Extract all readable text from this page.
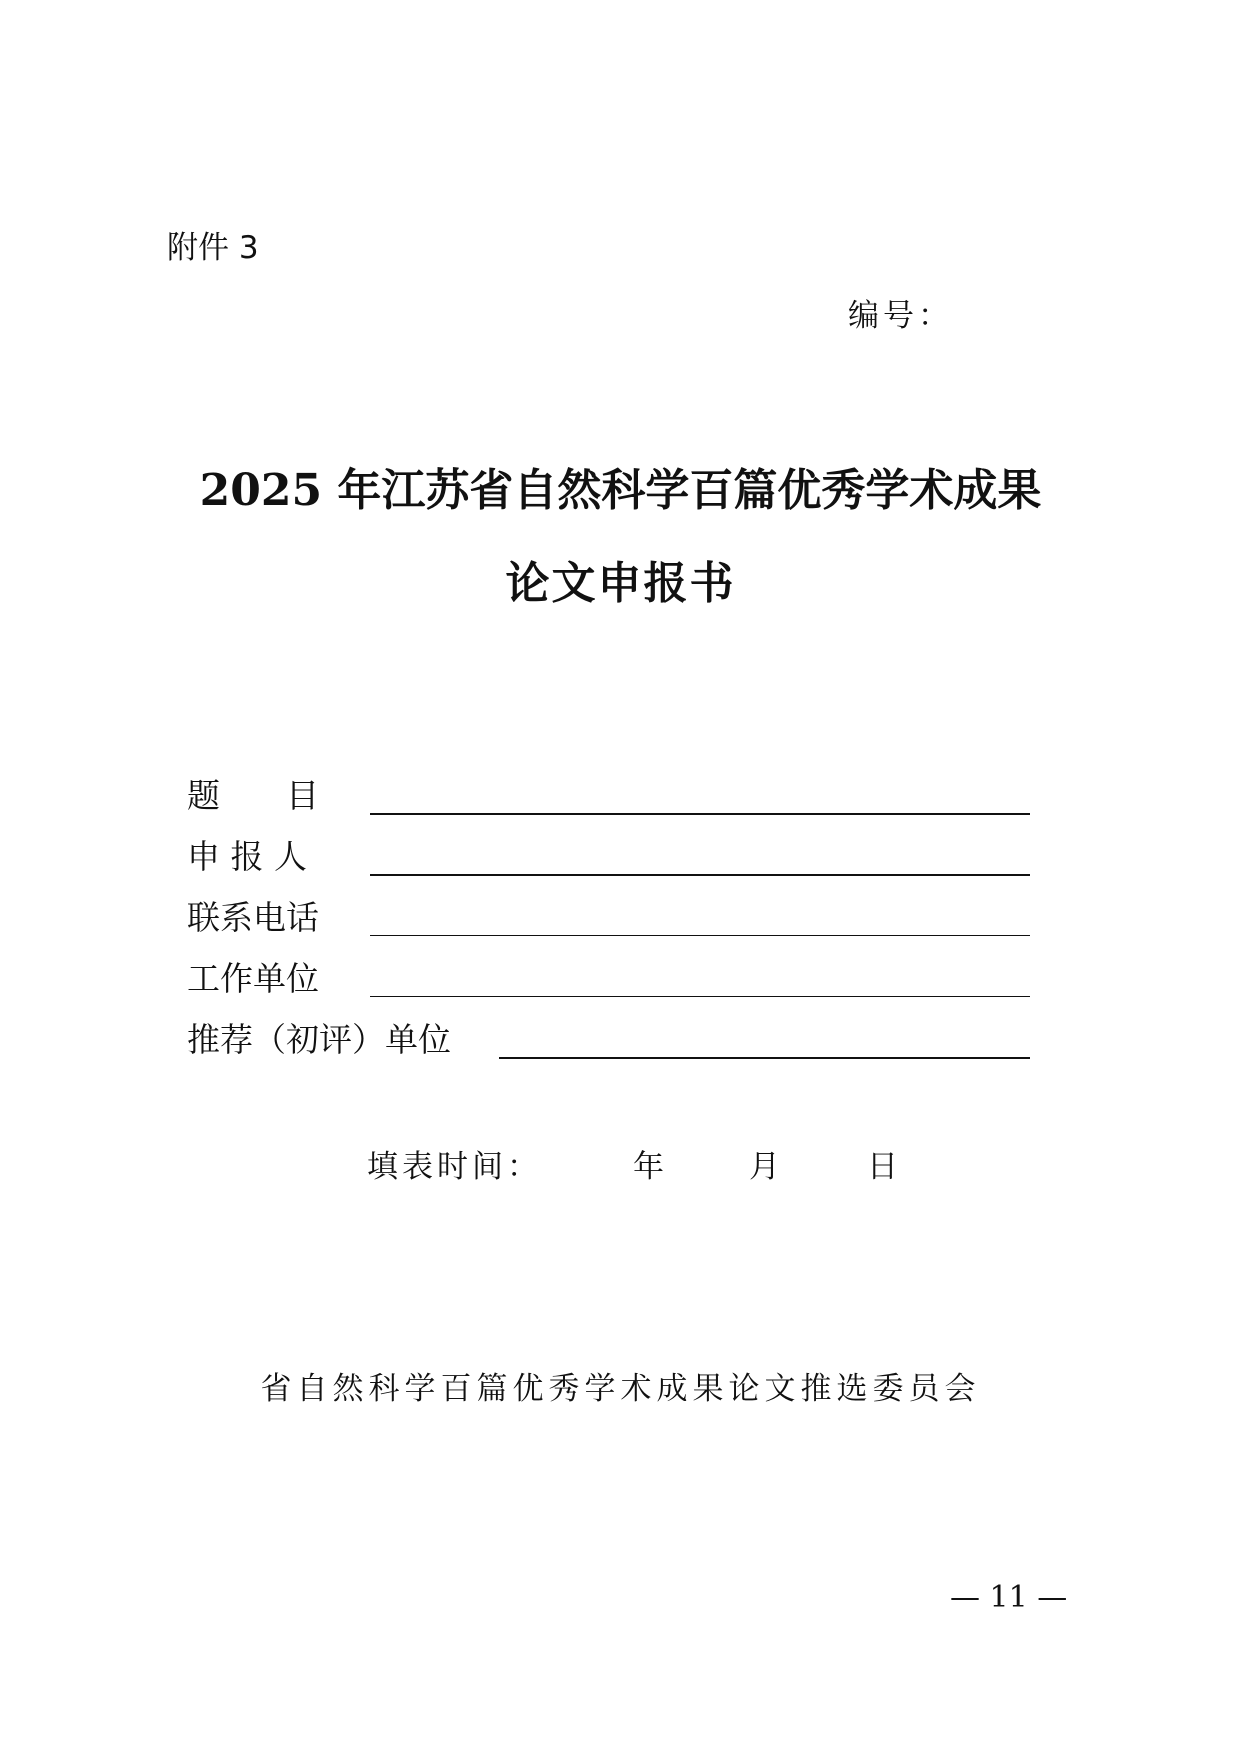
附件 3
编号：
2025 年江苏省自然科学百篇优秀学术成果
论文申报书
题　　目
申 报 人
联系电话
工作单位
推荐（初评）单位
填表时间：	年	月	日
省自然科学百篇优秀学术成果论文推选委员会
— 11 —
